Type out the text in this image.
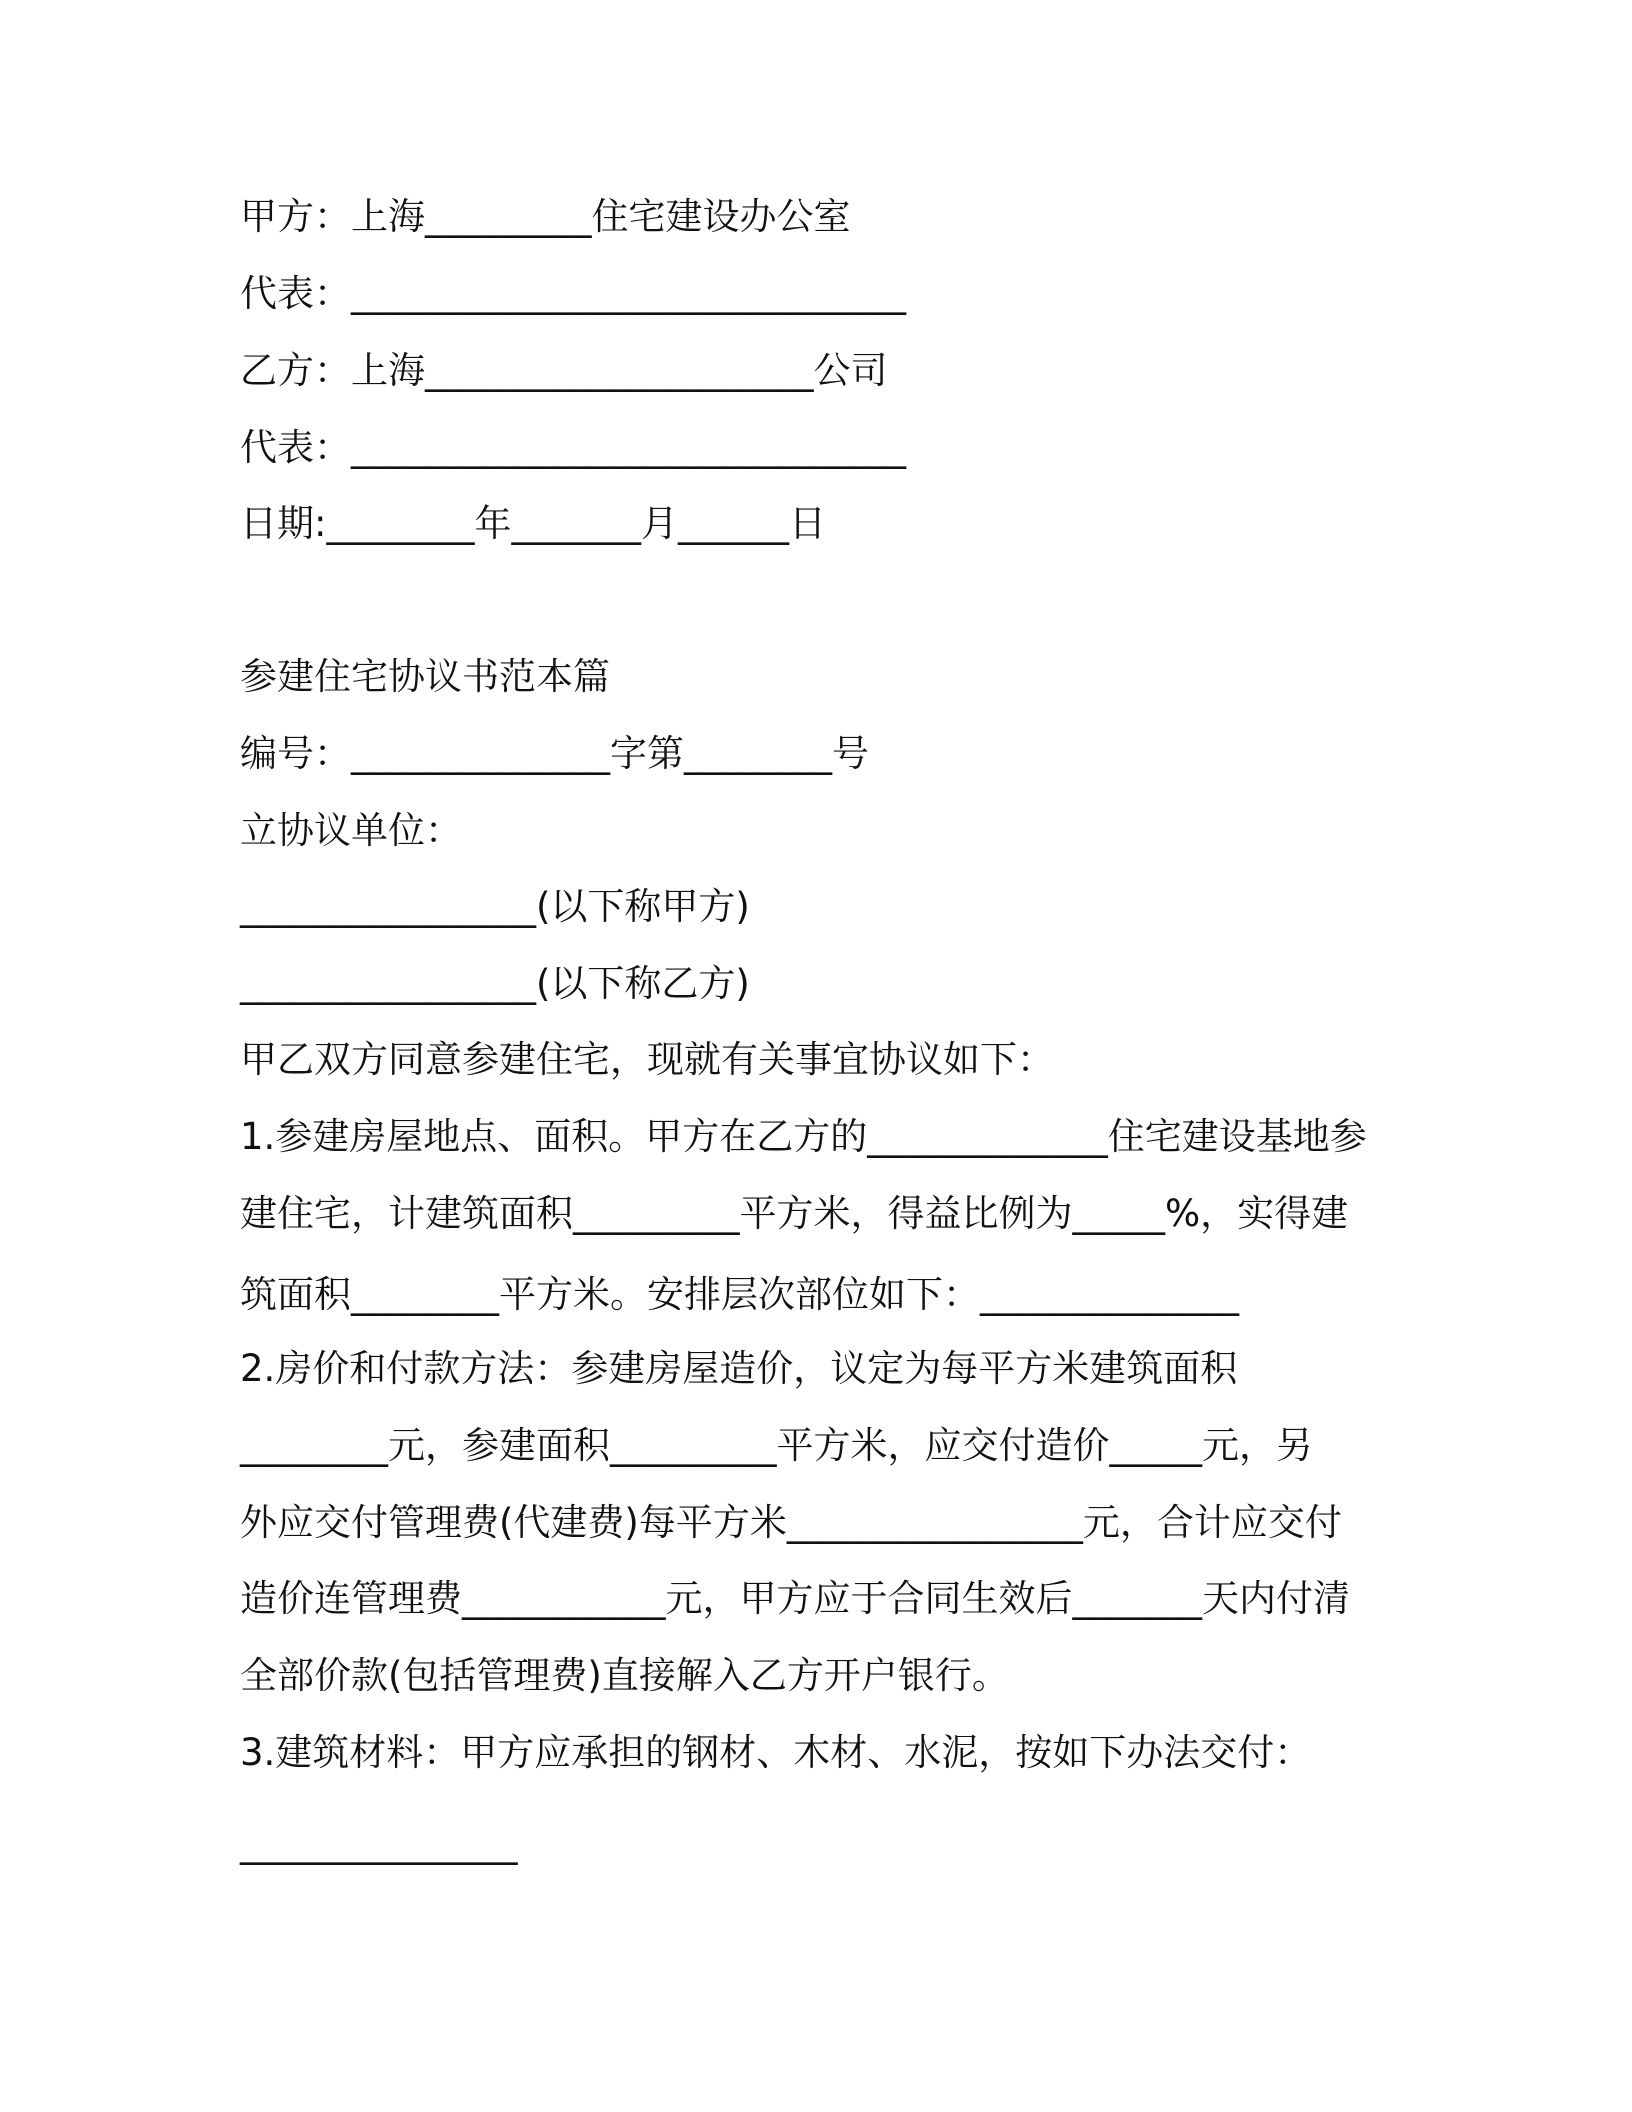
甲方：上海_________住宅建设办公室
代表：______________________________
乙方：上海_____________________公司
代表：______________________________
日期:________年_______月______日
参建住宅协议书范本篇
编号：______________字第________号
立协议单位：
________________(以下称甲方)
________________(以下称乙方)
甲乙双方同意参建住宅，现就有关事宜协议如下：
1.参建房屋地点、面积。甲方在乙方的_____________住宅建设基地参
建住宅，计建筑面积_________平方米，得益比例为_____%，实得建
筑面积________平方米。安排层次部位如下：______________
2.房价和付款方法：参建房屋造价，议定为每平方米建筑面积
________元，参建面积_________平方米，应交付造价_____元，另
外应交付管理费(代建费)每平方米________________元，合计应交付
造价连管理费___________元，甲方应于合同生效后_______天内付清
全部价款(包括管理费)直接解入乙方开户银行。
3.建筑材料：甲方应承担的钢材、木材、水泥，按如下办法交付：
_______________
